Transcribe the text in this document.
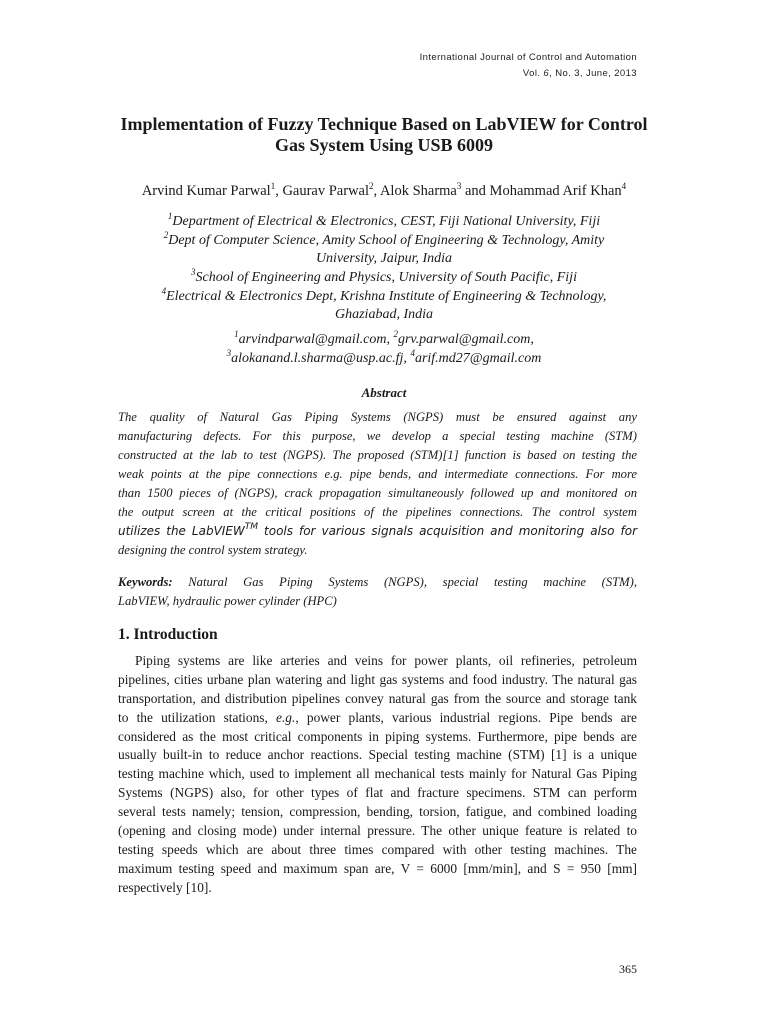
International Journal of Control and Automation
Vol. 6, No. 3, June, 2013
Implementation of Fuzzy Technique Based on LabVIEW for Control
Gas System Using USB 6009
Arvind Kumar Parwal$^1$, Gaurav Parwal$^2$, Alok Sharma$^3$ and Mohammad Arif Khan$^4$
$^1$Department of Electrical & Electronics, CEST, Fiji National University, Fiji
$^2$Dept of Computer Science, Amity School of Engineering & Technology, Amity
University, Jaipur, India
$^3$School of Engineering and Physics, University of South Pacific, Fiji
$^4$Electrical & Electronics Dept, Krishna Institute of Engineering & Technology,
Ghaziabad, India
$^1$arvindparwal@gmail.com, $^2$grv.parwal@gmail.com,
$^3$alokanand.l.sharma@usp.ac.fj, $^4$arif.md27@gmail.com
Abstract
The quality of Natural Gas Piping Systems (NGPS) must be ensured against any
manufacturing defects. For this purpose, we develop a special testing machine (STM)
constructed at the lab to test (NGPS). The proposed (STM)[1] function is based on testing the
weak points at the pipe connections e.g. pipe bends, and intermediate connections. For more
than 1500 pieces of (NGPS), crack propagation simultaneously followed up and monitored on
the output screen at the critical positions of the pipelines connections. The control system
utilizes the LabVIEW™ tools for various signals acquisition and monitoring also for
designing the control system strategy.
Keywords: Natural Gas Piping Systems (NGPS), special testing machine (STM),
LabVIEW, hydraulic power cylinder (HPC)
1. Introduction
Piping systems are like arteries and veins for power plants, oil refineries, petroleum
pipelines, cities urbane plan watering and light gas systems and food industry. The natural gas
transportation, and distribution pipelines convey natural gas from the source and storage tank
to the utilization stations, e.g., power plants, various industrial regions. Pipe bends are
considered as the most critical components in piping systems. Furthermore, pipe bends are
usually built-in to reduce anchor reactions. Special testing machine (STM) [1] is a unique
testing machine which, used to implement all mechanical tests mainly for Natural Gas Piping
Systems (NGPS) also, for other types of flat and fracture specimens. STM can perform
several tests namely; tension, compression, bending, torsion, fatigue, and combined loading
(opening and closing mode) under internal pressure. The other unique feature is related to
testing speeds which are about three times compared with other testing machines. The
maximum testing speed and maximum span are, V = 6000 [mm/min], and S = 950 [mm]
respectively [10].
365
